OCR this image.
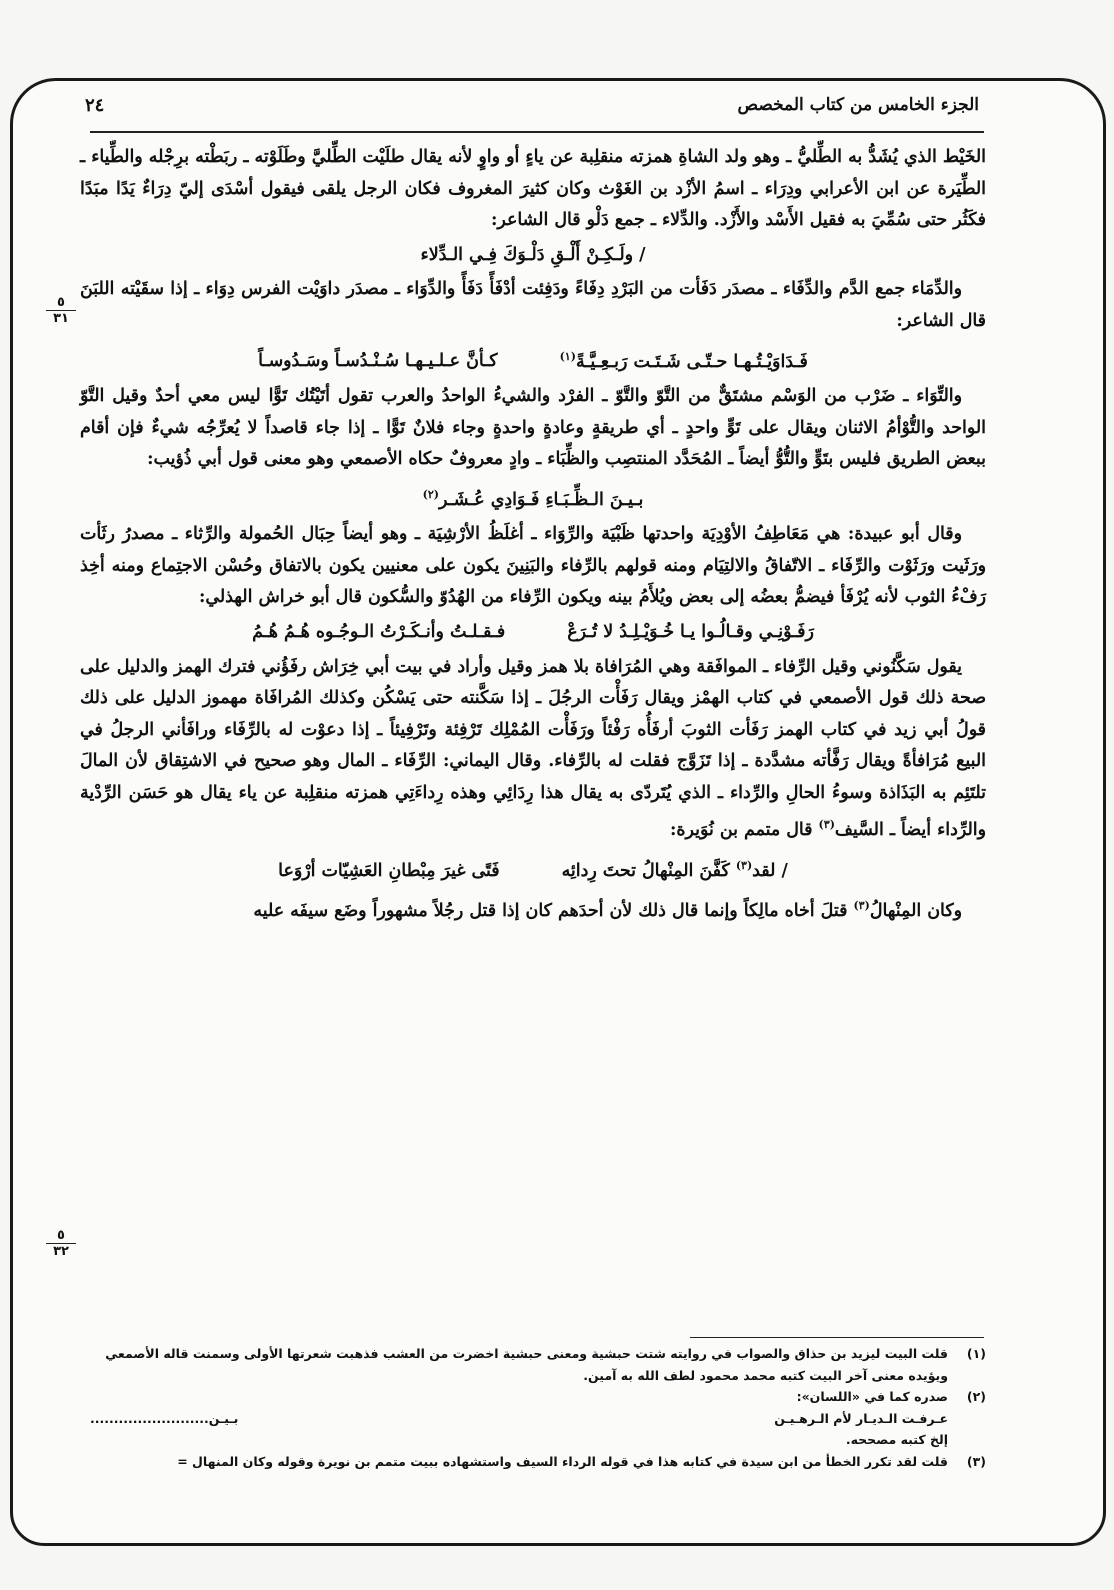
الجزء الخامس من كتاب المخصص
٢٤
٥
٣١
٥
٣٢

الخَيْط الذي يُشَدُّ به الطِّليُّ ـ وهو ولد الشاةِ همزته منقلِبة عن ياءٍ أو واوٍ لأنه يقال طلَيْت الطِّليَّ وطَلَوْته ـ ربَطْته برِجْله والطِّياء ـ الطِّيَرة عن ابن الأعرابي ودِرَاء ـ اسمُ الأزْد بن الغَوْث وكان كثيرَ المغروف فكان الرجل يلقى فيقول أسْدَى إليّ دِرَاءٌ يَدًا مبَدًا فكَثُر حتى سُمِّيَ به فقيل الأَسْد والأَزْد. والدِّلاء ـ جمع دَلْو قال الشاعر:

/ ولَـكِـنْ أَلْـقِ دَلْـوَكَ فِـي الـدِّلاء

والدِّمَاء جمع الدَّم والدِّفَاء ـ مصدَر دَفَأت من البَرْدِ دِفَاءً ودَفِئت أدْفَأً دَفَأً والدِّوَاء ـ مصدَر داوَيْت الفرس دِوَاء ـ إذا سقَيْته اللبَنَ قال الشاعر:

فَـدَاوَيْـتُـهـا حـتّـى شَـتَـت رَبـعِـيَّـةً$^{(١)}$ كـأنَّ عـلـيـهـا سُـنْـدُسـاً وسَـدُوسـاً

والتِّوَاء ـ ضَرْب من الوَسْم مشتَقٌّ من التَّوّ والتَّوّ ـ الفرْد والشيءُ الواحدُ والعرب تقول أتَيْتُك تَوًّا ليس معي أحدٌ وقيل التَّوّ الواحد والتُّوْأمُ الاثنان ويقال على تَوٍّ واحدٍ ـ أي طريقةٍ وعادةٍ واحدةٍ وجاء فلانٌ تَوًّا ـ إذا جاء قاصداً لا يُعرِّجُه شيءٌ فإن أقام ببعض الطريق فليس بتَوٍّ والتُّوُّ أيضاً ـ المُحَدَّد المنتصِب والظِّبَاء ـ وادٍ معروفٌ حكاه الأصمعي وهو معنى قول أبي ذُؤيب:

بـيـنَ الـظِّـبَـاءِ فَـوَادِي عُـشَـر$^{(٢)}$

وقال أبو عبيدة: هي مَعَاطِفُ الأوْدِيَة واحدتها ظَبْيَة والرِّوَاء ـ أغلَظُ الأرْشِيَة ـ وهو أيضاً حِبَال الحُمولة والرِّثاء ـ مصدرُ رثَأت ورَثَيت ورَثَوْت والرِّفَاء ـ الاتّفاقُ والالتِيَام ومنه قولهم بالرِّفاء والبَنِينَ يكون على معنيين يكون بالاتفاق وحُسْن الاجتِماع ومنه أخِذ رَفْءُ الثوب لأنه يُرْفَأ فيضمُّ بعضُه إلى بعض ويُلأَمُ بينه ويكون الرِّفاء من الهُدُوّ والسُّكون قال أبو خراش الهذلي:

رَفَـوْنِـي وقـالُـوا يـا خُـوَيْـلِـدُ لا تُـرَعْ فـقـلـتُ وأنـكَـرْتُ الـوجُـوه هُـمُ هُـمُ

يقول سَكَّنُوني وقيل الرِّفاء ـ الموافَقة وهي المُرَافاة بلا همز وقيل وأراد في بيت أبي خِرَاش رفَؤُني فترك الهمز والدليل على صحة ذلك قول الأصمعي في كتاب الهمْز ويقال رَفَأْت الرجُلَ ـ إذا سَكَّنته حتى يَسْكُن وكذلك المُرافَاة مهموز الدليل على ذلك قولُ أبي زيد في كتاب الهمز رَفَأت الثوبَ أرفَأُه رَفْئاً ورَفَأْت المُمْلِك تَرْفِئة وتَرْفِيئاً ـ إذا دعوْت له بالرِّفَاء ورافَأني الرجلُ في البيع مُرَافأةً ويقال رَفَّأته مشدَّدة ـ إذا تَزَوَّج فقلت له بالرِّفاء. وقال اليماني: الرِّفَاء ـ المال وهو صحيح في الاشتِقاق لأن المالَ تلتَئِم به البَذَاذة وسوءُ الحالِ والرِّداء ـ الذي يُتَردّى به يقال هذا رِدَائِي وهذه رِداءَتِي همزته منقلِبة عن ياء يقال هو حَسَن الرِّدْية والرِّداء أيضاً ـ السَّيف$^{(٣)}$ قال متمم بن نُوَيرة:

/ لقد$^{(٣)}$ كَفَّنَ المِنْهالُ تحتَ رِدائِه فَتًى غيرَ مِبْطانِ العَشِيّات أرْوَعا

وكان المِنْهالُ$^{(٣)}$ قتلَ أخاه مالِكاً وإنما قال ذلك لأن أحدَهم كان إذا قتل رجُلاً مشهوراً وضَع سيفَه عليه

(١)
قلت البيت ليزيد بن حذاق والصواب في روايته شتت حبشية ومعنى حبشية اخضرت من العشب فذهبت شعرتها الأولى وسمنت قاله الأصمعي ويؤيده معنى آخر البيت كتبه محمد محمود لطف الله به آمين.
(٢)
صدره كما في «اللسان»:
عـرفـت الـديـار لأم الـرهـيـن
بـيـن.........................
إلخ كتبه مصححه.
(٣)
قلت لقد تكرر الخطأ من ابن سيدة في كتابه هذا في قوله الرداء السيف واستشهاده ببيت متمم بن نويرة وقوله وكان المنهال =
